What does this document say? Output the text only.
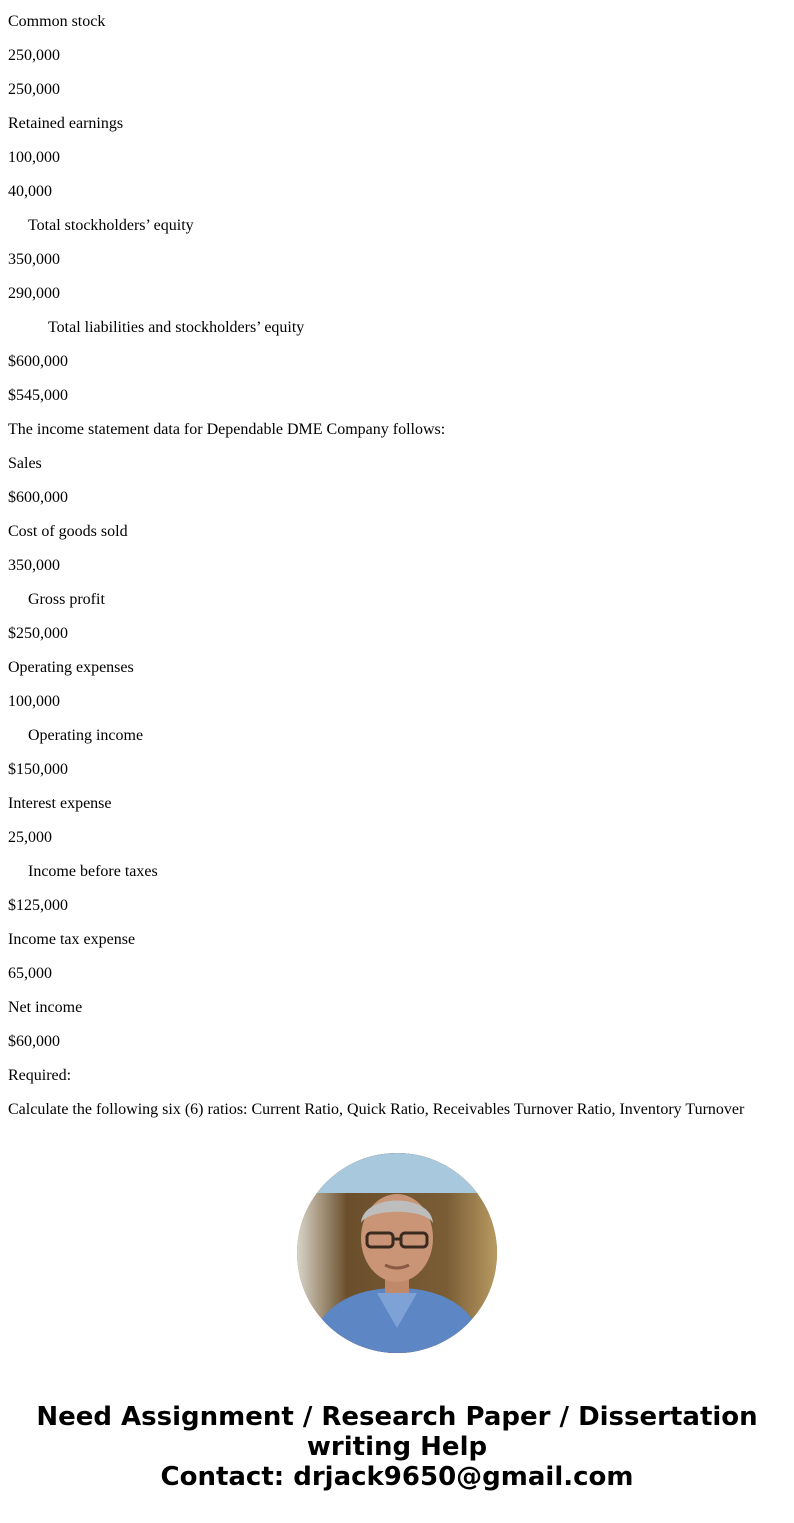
Common stock

250,000

250,000

Retained earnings

100,000

40,000

Total stockholders’ equity

350,000

290,000

Total liabilities and stockholders’ equity

$600,000

$545,000

The income statement data for Dependable DME Company follows:

Sales

$600,000

Cost of goods sold

350,000

Gross profit

$250,000

Operating expenses

100,000

Operating income

$150,000

Interest expense

25,000

Income before taxes

$125,000

Income tax expense

65,000

Net income

$60,000

Required:

Calculate the following six (6) ratios: Current Ratio, Quick Ratio, Receivables Turnover Ratio, Inventory Turnover

Need Assignment / Research Paper / Dissertation
writing Help
Contact: drjack9650@gmail.com
